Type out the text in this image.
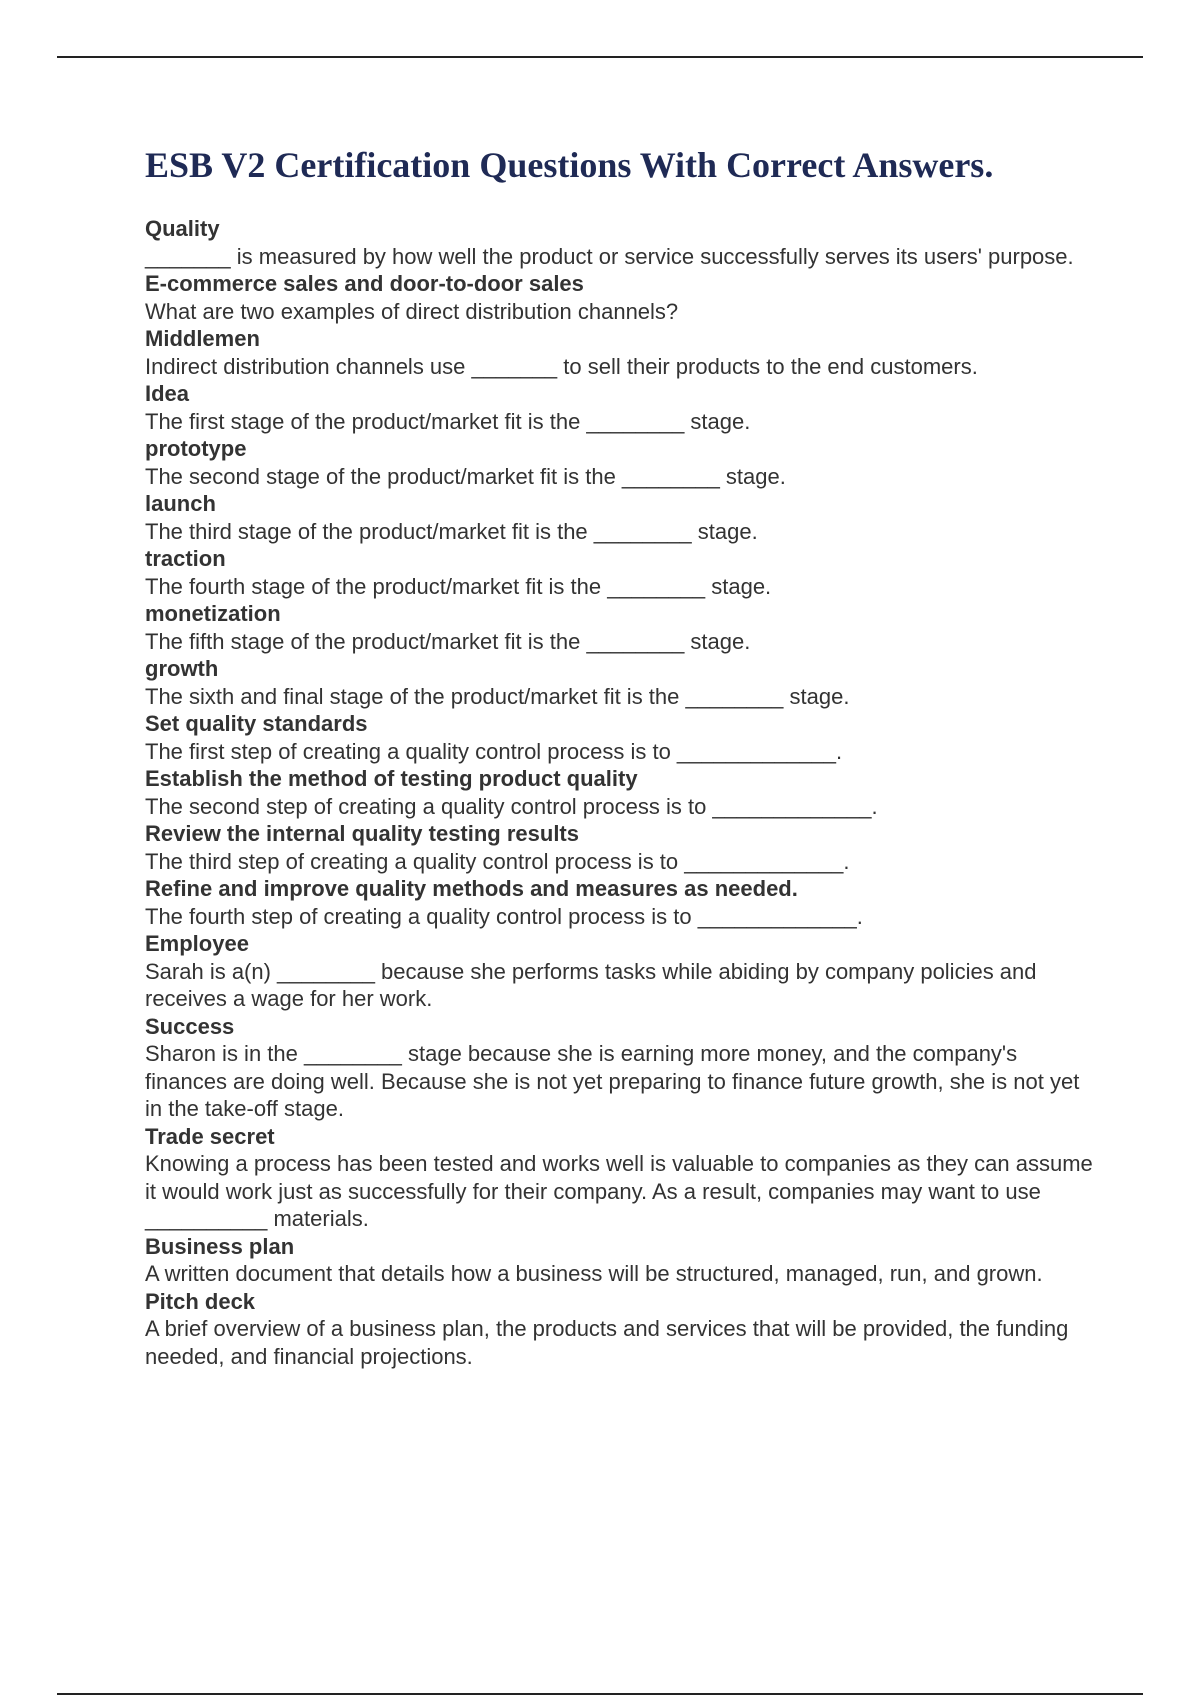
ESB V2 Certification Questions With Correct Answers.
Quality
_______ is measured by how well the product or service successfully serves its users' purpose.
E-commerce sales and door-to-door sales
What are two examples of direct distribution channels?
Middlemen
Indirect distribution channels use _______ to sell their products to the end customers.
Idea
The first stage of the product/market fit is the ________ stage.
prototype
The second stage of the product/market fit is the ________ stage.
launch
The third stage of the product/market fit is the ________ stage.
traction
The fourth stage of the product/market fit is the ________ stage.
monetization
The fifth stage of the product/market fit is the ________ stage.
growth
The sixth and final stage of the product/market fit is the ________ stage.
Set quality standards
The first step of creating a quality control process is to _____________.
Establish the method of testing product quality
The second step of creating a quality control process is to _____________.
Review the internal quality testing results
The third step of creating a quality control process is to _____________.
Refine and improve quality methods and measures as needed.
The fourth step of creating a quality control process is to _____________.
Employee
Sarah is a(n) ________ because she performs tasks while abiding by company policies and receives a wage for her work.
Success
Sharon is in the ________ stage because she is earning more money, and the company's finances are doing well. Because she is not yet preparing to finance future growth, she is not yet in the take-off stage.
Trade secret
Knowing a process has been tested and works well is valuable to companies as they can assume it would work just as successfully for their company. As a result, companies may want to use __________ materials.
Business plan
A written document that details how a business will be structured, managed, run, and grown.
Pitch deck
A brief overview of a business plan, the products and services that will be provided, the funding needed, and financial projections.
